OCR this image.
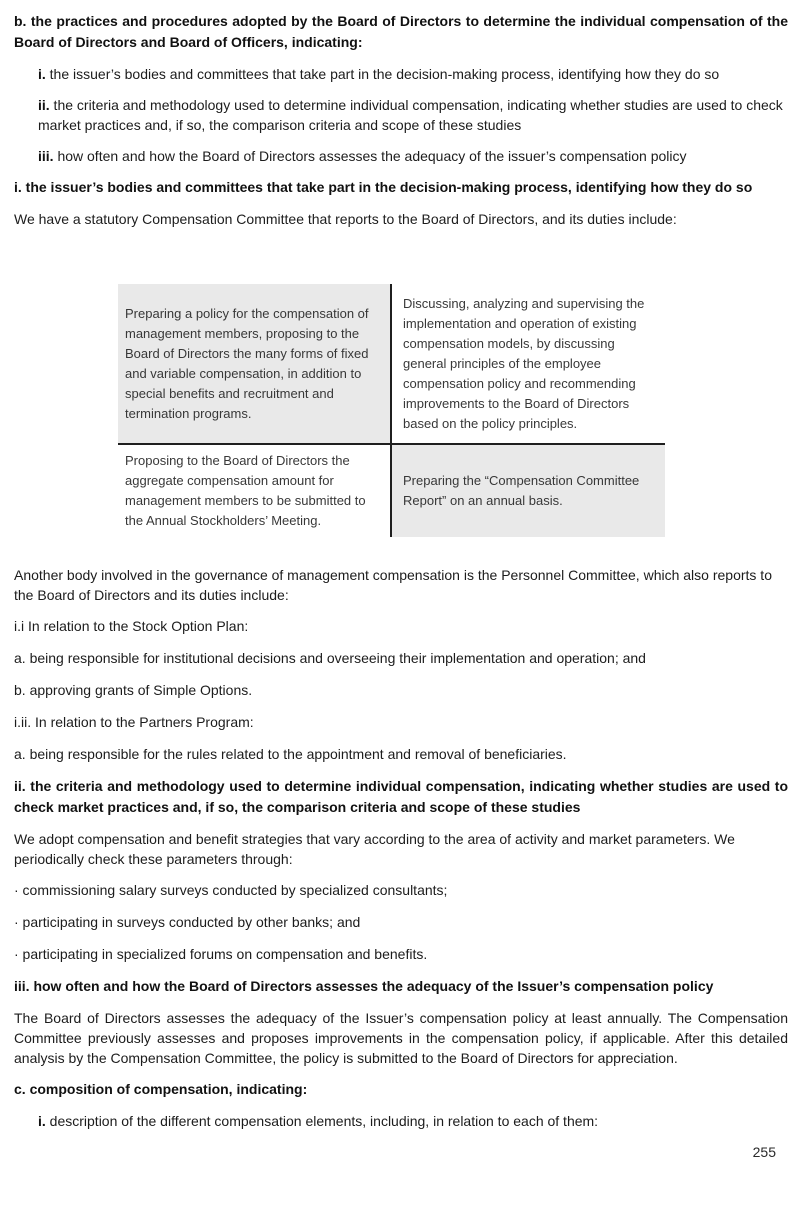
b. the practices and procedures adopted by the Board of Directors to determine the individual compensation of the Board of Directors and Board of Officers, indicating:
i. the issuer’s bodies and committees that take part in the decision-making process, identifying how they do so
ii. the criteria and methodology used to determine individual compensation, indicating whether studies are used to check market practices and, if so, the comparison criteria and scope of these studies
iii. how often and how the Board of Directors assesses the adequacy of the issuer’s compensation policy
i. the issuer’s bodies and committees that take part in the decision-making process, identifying how they do so
We have a statutory Compensation Committee that reports to the Board of Directors, and its duties include:
Preparing a policy for the compensation of management members, proposing to the Board of Directors the many forms of fixed and variable compensation, in addition to special benefits and recruitment and termination programs.
Discussing, analyzing and supervising the implementation and operation of existing compensation models, by discussing general principles of the employee compensation policy and recommending improvements to the Board of Directors based on the policy principles.
Proposing to the Board of Directors the aggregate compensation amount for management members to be submitted to the Annual Stockholders’ Meeting.
Preparing the “Compensation Committee Report” on an annual basis.
Another body involved in the governance of management compensation is the Personnel Committee, which also reports to the Board of Directors and its duties include:
i.i In relation to the Stock Option Plan:
a. being responsible for institutional decisions and overseeing their implementation and operation; and
b. approving grants of Simple Options.
i.ii. In relation to the Partners Program:
a. being responsible for the rules related to the appointment and removal of beneficiaries.
ii. the criteria and methodology used to determine individual compensation, indicating whether studies are used to check market practices and, if so, the comparison criteria and scope of these studies
We adopt compensation and benefit strategies that vary according to the area of activity and market parameters. We periodically check these parameters through:
· commissioning salary surveys conducted by specialized consultants;
· participating in surveys conducted by other banks; and
· participating in specialized forums on compensation and benefits.
iii. how often and how the Board of Directors assesses the adequacy of the Issuer’s compensation policy
The Board of Directors assesses the adequacy of the Issuer’s compensation policy at least annually. The Compensation Committee previously assesses and proposes improvements in the compensation policy, if applicable. After this detailed analysis by the Compensation Committee, the policy is submitted to the Board of Directors for appreciation.
c. composition of compensation, indicating:
i. description of the different compensation elements, including, in relation to each of them:
255
